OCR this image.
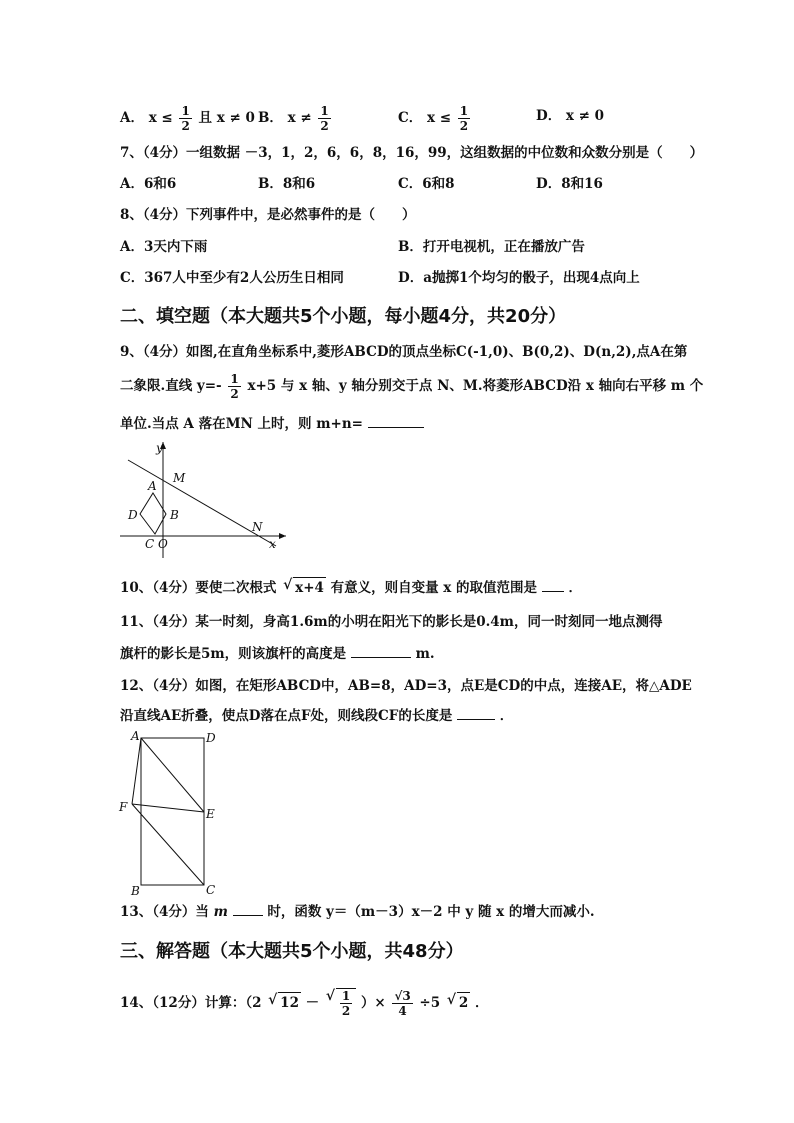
A． $x \le \frac{1}{2}$ 且 x ≠ 0 B． $x \ne \frac{1}{2}$	C． $x \le \frac{1}{2}$	D． x ≠ 0
7、（4分）一组数据 －3，1，2，6，6，8，16，99，这组数据的中位数和众数分别是（　　）
A．6和6	B．8和6	C．6和8	D．8和16
8、（4分）下列事件中，是必然事件的是（　　）
A．3天内下雨	B．打开电视机，正在播放广告
C．367人中至少有2人公历生日相同	D．a抛掷1个均匀的骰子，出现4点向上
二、填空题（本大题共5个小题，每小题4分，共20分）
9、（4分）如图,在直角坐标系中,菱形ABCD的顶点坐标C(-1,0)、B(0,2)、D(n,2),点A在第
二象限.直线 $y=- \frac{1}{2} x+5$ 与 x 轴、y 轴分别交于点 N、M.将菱形ABCD沿 x 轴向右平移 m 个
单位.当点 A 落在MN 上时，则 m+n=
y
M
A
D	B
N
C O	x
10、（4分）要使二次根式 √ x+4 有意义，则自变量 x 的取值范围是 ．
11、（4分）某一时刻，身高1.6m的小明在阳光下的影长是0.4m，同一时刻同一地点测得
旗杆的影长是5m，则该旗杆的高度是	m.
12、（4分）如图，在矩形ABCD中，AB=8，AD=3，点E是CD的中点，连接AE，将△ADE
沿直线AE折叠，使点D落在点F处，则线段CF的长度是	．
A	D
F	E
B	C
13、（4分）当 m	时，函数 y＝（m－3）x－2 中 y 随 x 的增大而减小.
三、解答题（本大题共5个小题，共48分）
14、（12分）计算：（2 √ 12 － √ $\frac{1}{2}$ ）× $\frac{√3}{4} \div 5$ √ 2 ．
